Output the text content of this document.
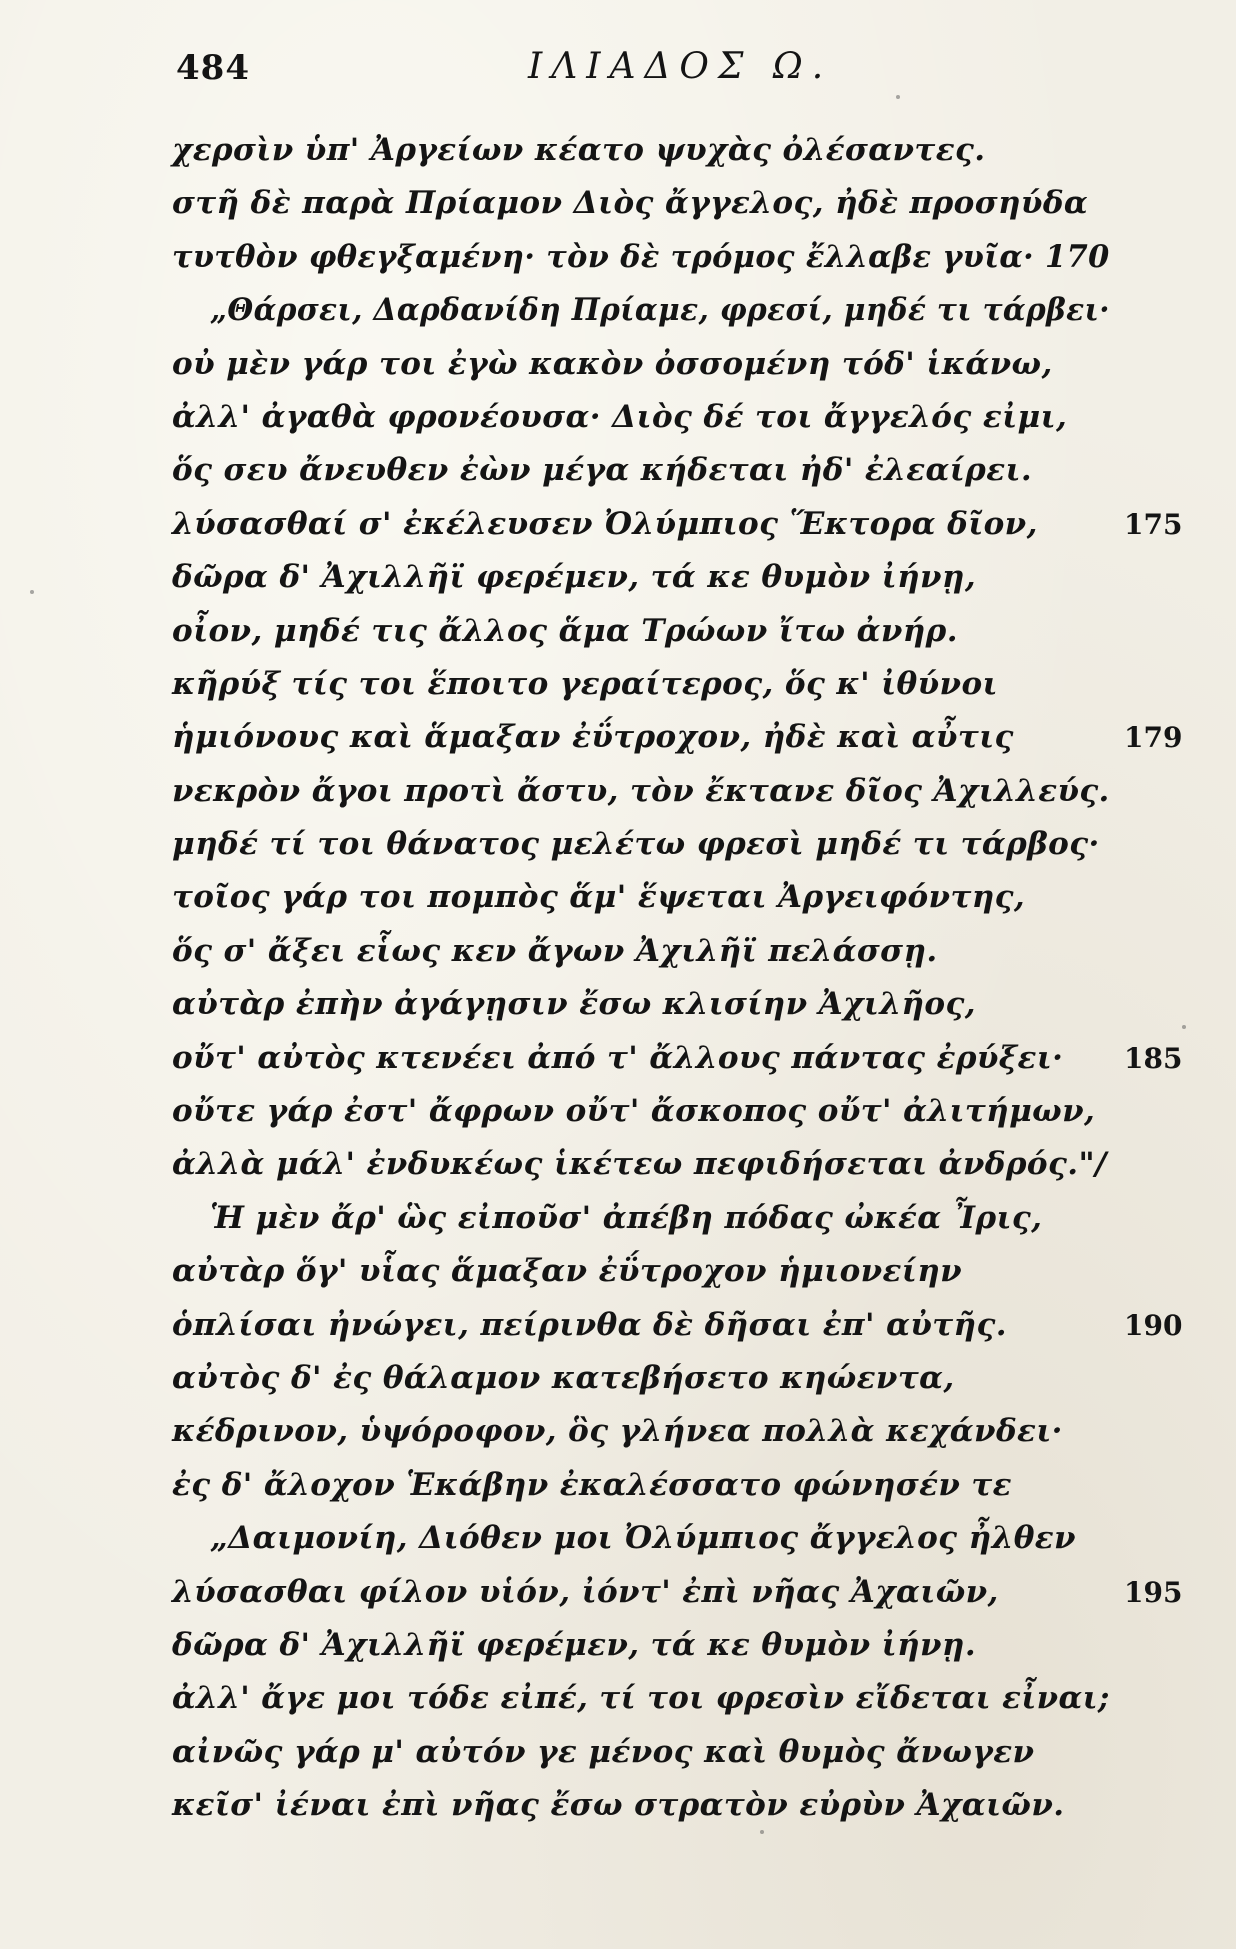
484	ΙΛΙΑΔΟΣ Ω.
χερσὶν ὑπ' Ἀργείων κέατο ψυχὰς ὀλέσαντες.
στῆ δὲ παρὰ Πρίαμον Διὸς ἄγγελος, ἠδὲ προσηύδα
τυτθὸν φθεγξαμένη· τὸν δὲ τρόμος ἔλλαβε γυῖα· 170
„Θάρσει, Δαρδανίδη Πρίαμε, φρεσί, μηδέ τι τάρβει·
οὐ μὲν γάρ τοι ἐγὼ κακὸν ὀσσομένη τόδ' ἱκάνω,
ἀλλ' ἀγαθὰ φρονέουσα· Διὸς δέ τοι ἄγγελός εἰμι,
ὅς σευ ἄνευθεν ἐὼν μέγα κήδεται ἠδ' ἐλεαίρει.
λύσασθαί σ' ἐκέλευσεν Ὀλύμπιος Ἕκτορα δῖον,	175
δῶρα δ' Ἀχιλλῆϊ φερέμεν, τά κε θυμὸν ἰήνῃ,
οἶον, μηδέ τις ἄλλος ἅμα Τρώων ἴτω ἀνήρ.
κῆρύξ τίς τοι ἕποιτο γεραίτερος, ὅς κ' ἰθύνοι
ἡμιόνους καὶ ἅμαξαν ἐΰτροχον, ἠδὲ καὶ αὖτις	179
νεκρὸν ἄγοι προτὶ ἄστυ, τὸν ἔκτανε δῖος Ἀχιλλεύς.
μηδέ τί τοι θάνατος μελέτω φρεσὶ μηδέ τι τάρβος·
τοῖος γάρ τοι πομπὸς ἅμ' ἕψεται Ἀργειφόντης,
ὅς σ' ἄξει εἷως κεν ἄγων Ἀχιλῆϊ πελάσσῃ.
αὐτὰρ ἐπὴν ἀγάγῃσιν ἔσω κλισίην Ἀχιλῆος,
οὔτ' αὐτὸς κτενέει ἀπό τ' ἄλλους πάντας ἐρύξει· 185
οὔτε γάρ ἐστ' ἄφρων οὔτ' ἄσκοπος οὔτ' ἀλιτήμων,
ἀλλὰ μάλ' ἐνδυκέως ἱκέτεω πεφιδήσεται ἀνδρός."/
Ἡ μὲν ἄρ' ὣς εἰποῦσ' ἀπέβη πόδας ὠκέα Ἶρις,
αὐτὰρ ὅγ' υἷας ἅμαξαν ἐΰτροχον ἡμιονείην
ὁπλίσαι ἠνώγει, πείρινθα δὲ δῆσαι ἐπ' αὐτῆς.	190
αὐτὸς δ' ἐς θάλαμον κατεβήσετο κηώεντα,
κέδρινον, ὑψόροφον, ὃς γλήνεα πολλὰ κεχάνδει·
ἐς δ' ἄλοχον Ἑκάβην ἐκαλέσσατο φώνησέν τε
„Δαιμονίη, Διόθεν μοι Ὀλύμπιος ἄγγελος ἦλθεν
λύσασθαι φίλον υἱόν, ἰόντ' ἐπὶ νῆας Ἀχαιῶν,	195
δῶρα δ' Ἀχιλλῆϊ φερέμεν, τά κε θυμὸν ἰήνῃ.
ἀλλ' ἄγε μοι τόδε εἰπέ, τί τοι φρεσὶν εἴδεται εἶναι;
αἰνῶς γάρ μ' αὐτόν γε μένος καὶ θυμὸς ἄνωγεν
κεῖσ' ἰέναι ἐπὶ νῆας ἔσω στρατὸν εὐρὺν Ἀχαιῶν.
